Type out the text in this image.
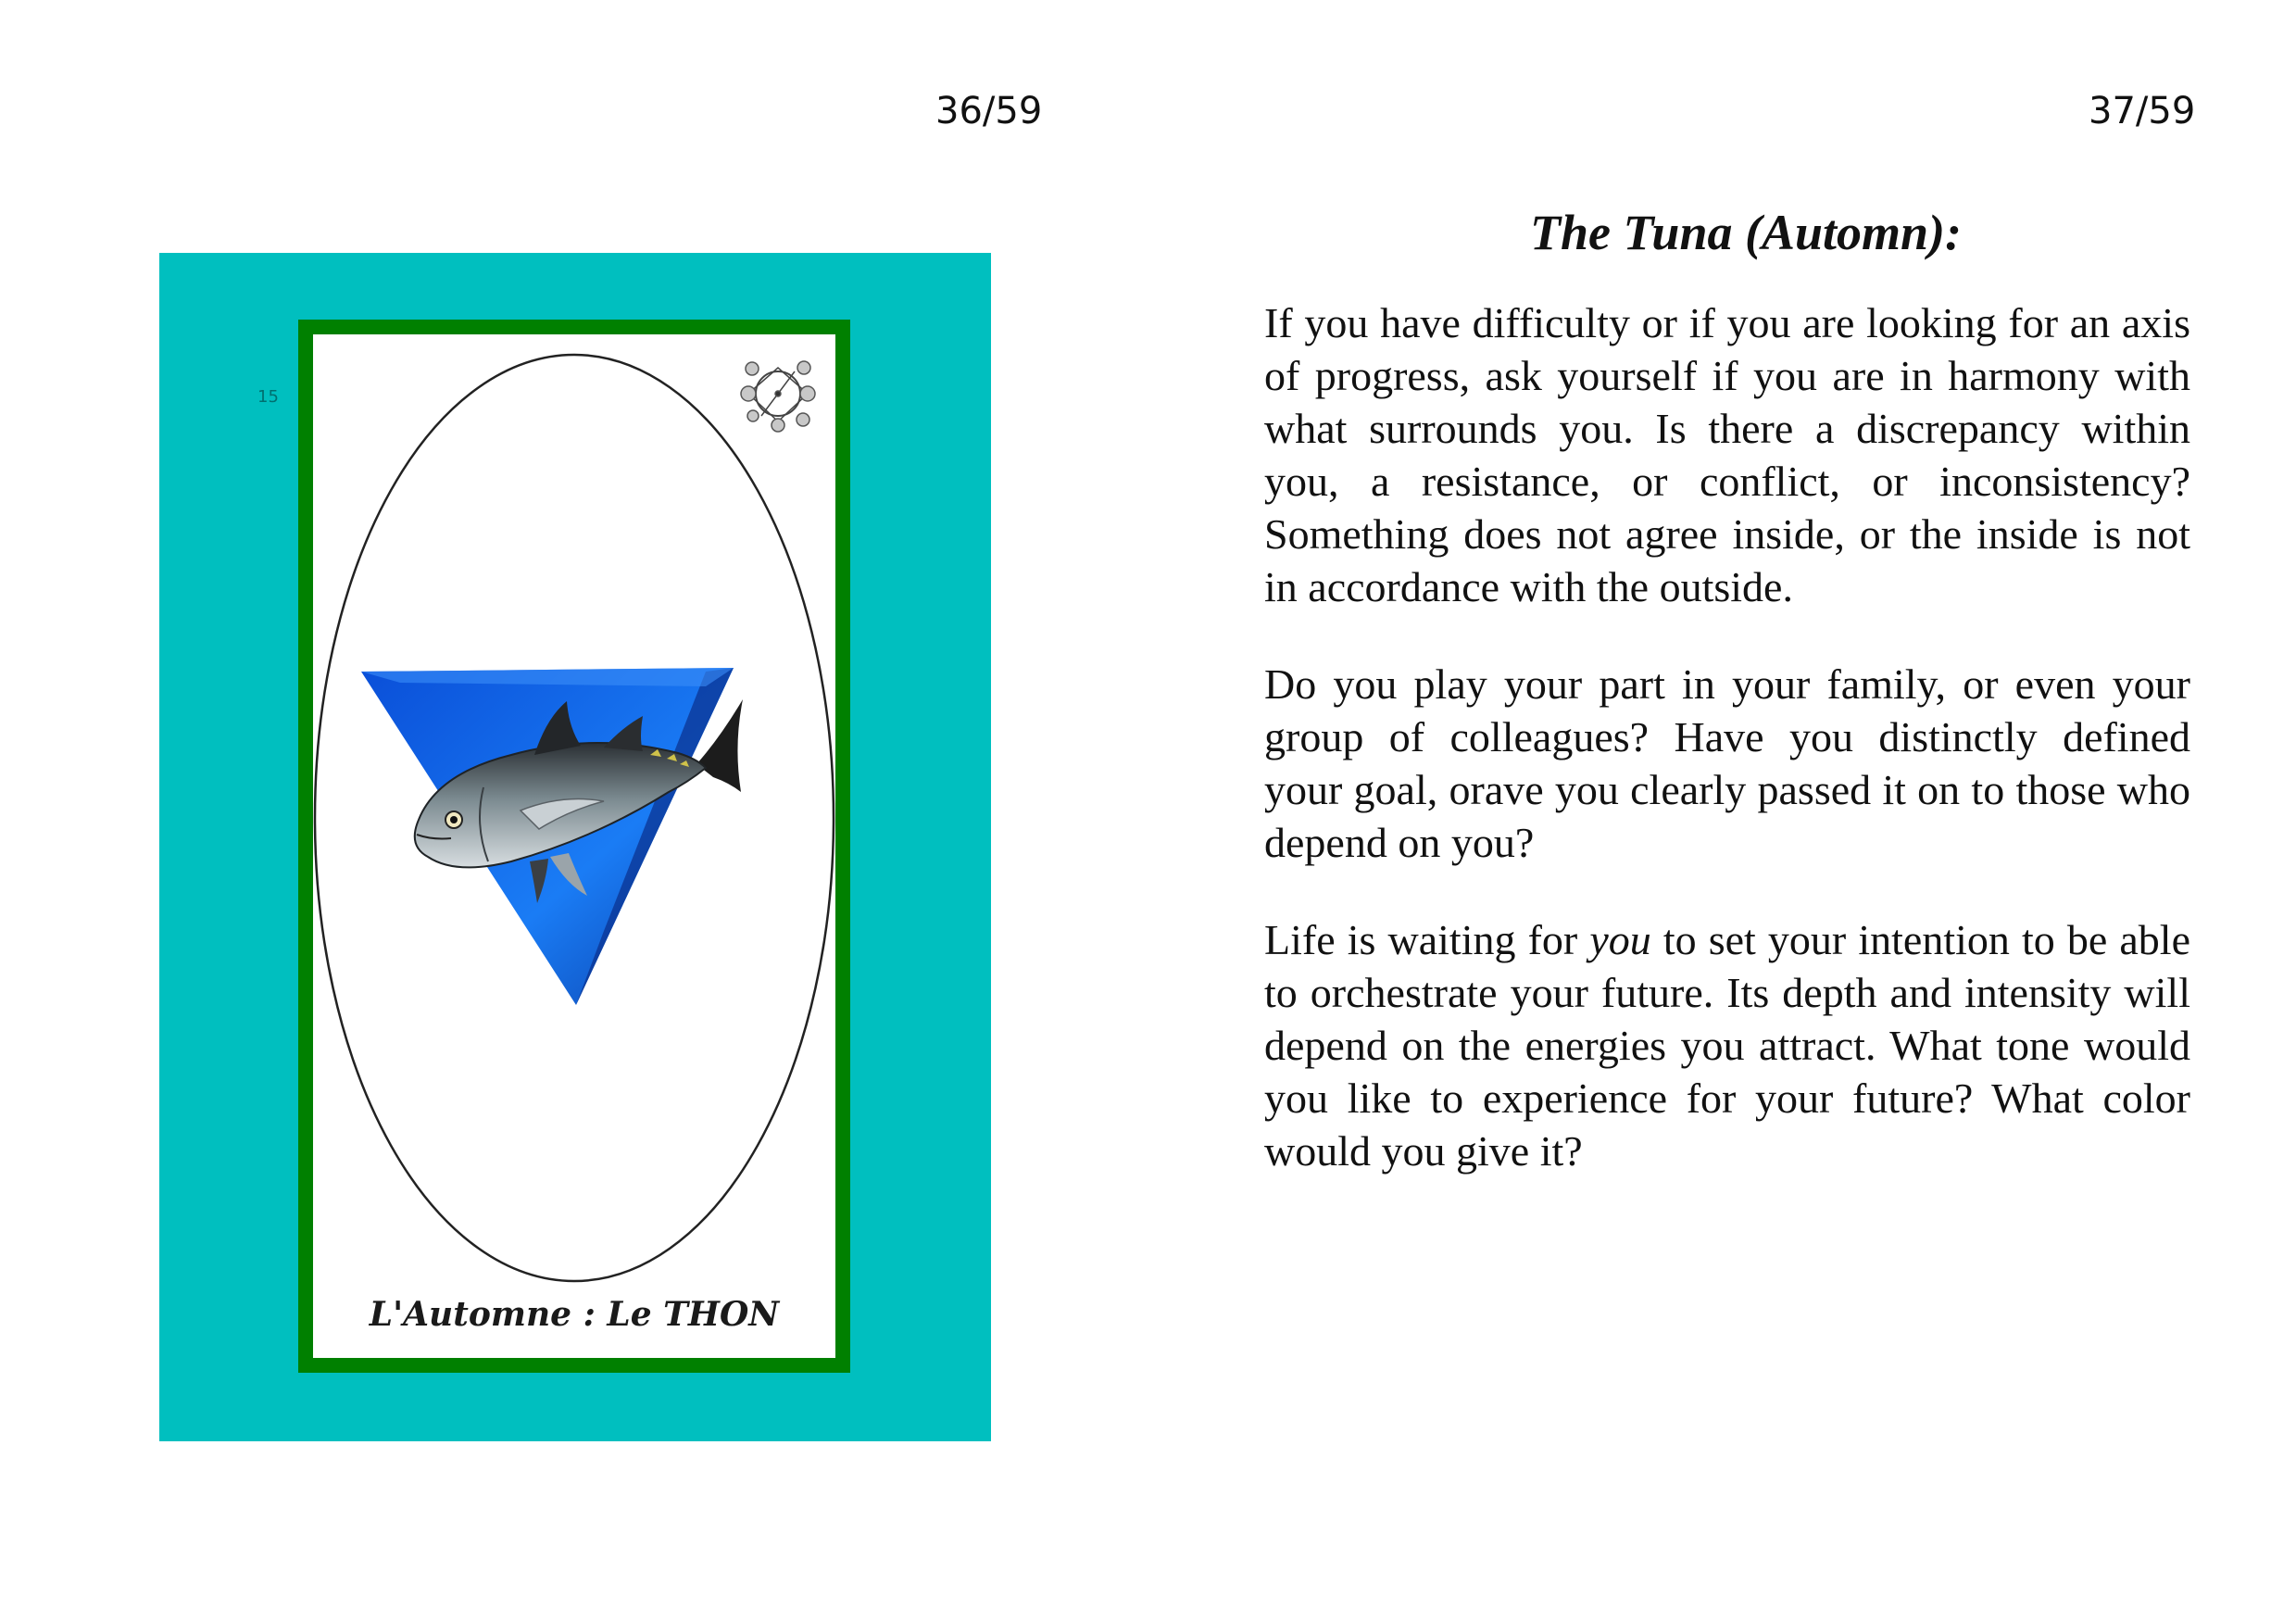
36/59
15
L'Automne : Le THON
37/59
The Tuna (Automn):

If you have difficulty or if you are looking for an axis of progress, ask yourself if you are in harmony with what surrounds you. Is there a discrepancy within you, a resistance, or conflict, or inconsistency? Something does not agree inside, or the inside is not in accordance with the outside.

Do you play your part in your family, or even your group of colleagues? Have you distinctly defined your goal, orave you clearly passed it on to those who depend on you?

Life is waiting for you to set your intention to be able to orchestrate your future. Its depth and intensity will depend on the energies you attract. What tone would you like to experience for your future? What color would you give it?
